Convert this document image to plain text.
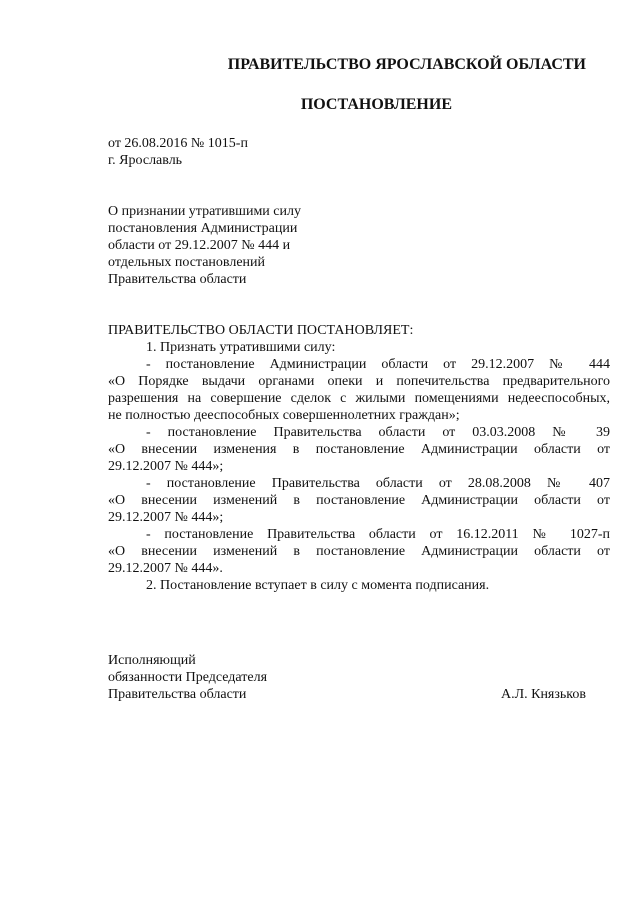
ПРАВИТЕЛЬСТВО ЯРОСЛАВСКОЙ ОБЛАСТИ
ПОСТАНОВЛЕНИЕ
от 26.08.2016 № 1015-п
г. Ярославль
О признании утратившими силу
постановления Администрации
области от 29.12.2007 № 444 и
отдельных постановлений
Правительства области
ПРАВИТЕЛЬСТВО ОБЛАСТИ ПОСТАНОВЛЯЕТ:
1. Признать утратившими силу:
- постановление Администрации области от 29.12.2007 № 444
«О Порядке выдачи органами опеки и попечительства предварительного
разрешения на совершение сделок с жилыми помещениями недееспособных,
не полностью дееспособных совершеннолетних граждан»;
- постановление Правительства области от 03.03.2008 № 39
«О внесении изменения в постановление Администрации области от
29.12.2007 № 444»;
- постановление Правительства области от 28.08.2008 № 407
«О внесении изменений в постановление Администрации области от
29.12.2007 № 444»;
- постановление Правительства области от 16.12.2011 № 1027-п
«О внесении изменений в постановление Администрации области от
29.12.2007 № 444».
2. Постановление вступает в силу с момента подписания.
Исполняющий
обязанности Председателя
Правительства области	А.Л. Князьков
